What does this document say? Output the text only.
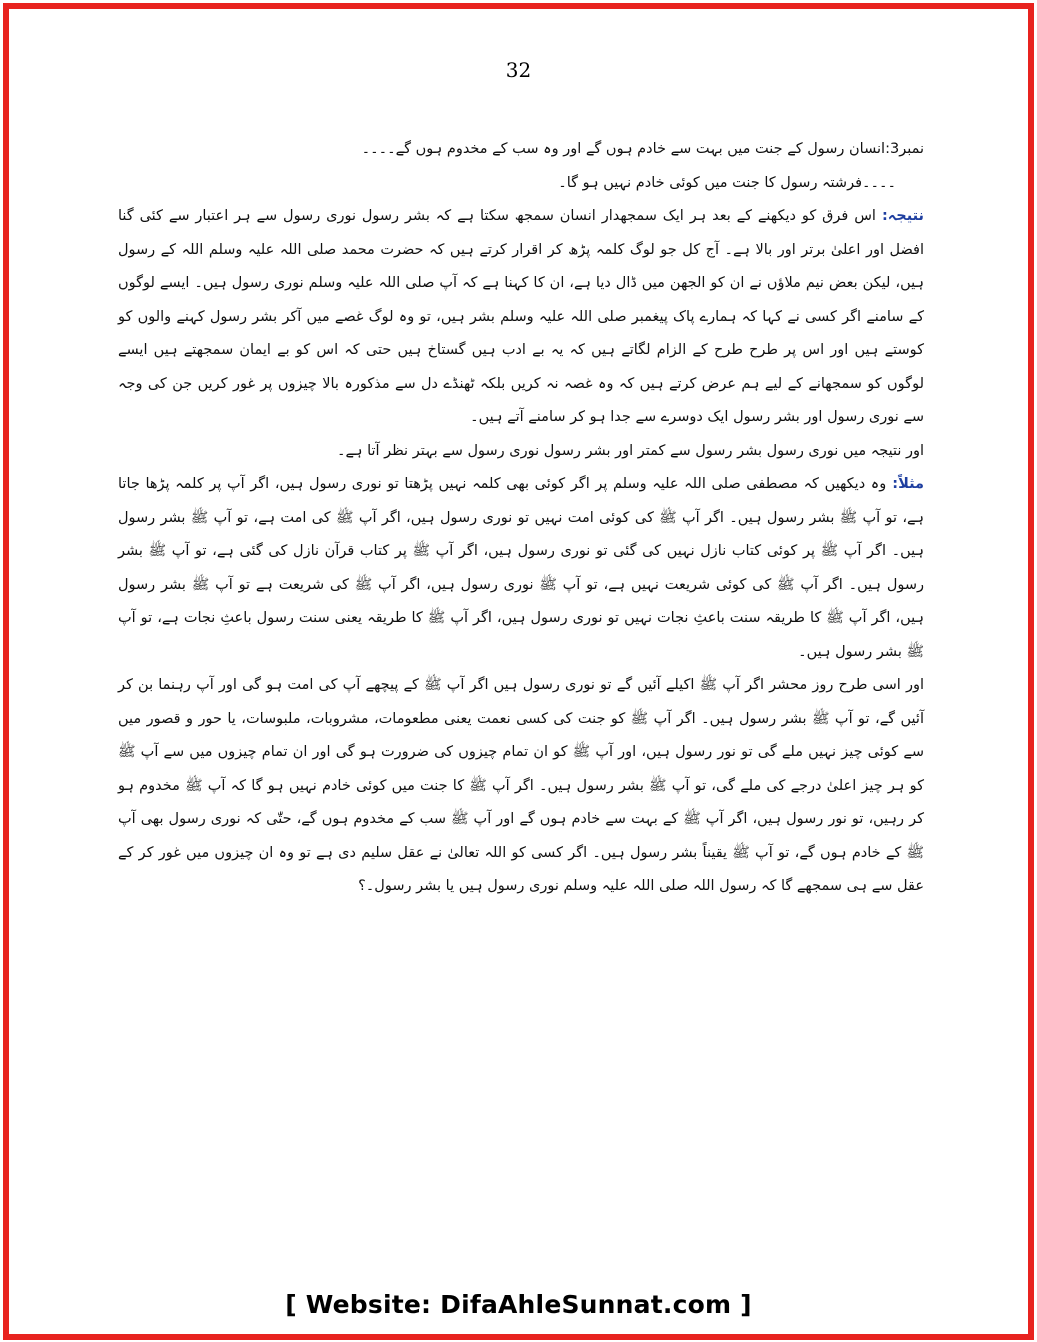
32

نمبر3:انسان رسول کے جنت میں بہت سے خادم ہوں گے اور وہ سب کے مخدوم ہوں گے۔۔۔۔

۔۔۔۔فرشتہ رسول کا جنت میں کوئی خادم نہیں ہو گا۔

نتیجہ:اس فرق کو دیکھنے کے بعد ہر ایک سمجھدار انسان سمجھ سکتا ہے کہ بشر رسول نوری رسول سے ہر اعتبار سے کئی گنا افضل اور اعلیٰ برتر اور بالا ہے۔ آج کل جو لوگ کلمہ پڑھ کر اقرار کرتے ہیں کہ حضرت محمد صلی اللہ علیہ وسلم اللہ کے رسول ہیں، لیکن بعض نیم ملاؤں نے ان کو الجھن میں ڈال دیا ہے، ان کا کہنا ہے کہ آپ صلی اللہ علیہ وسلم نوری رسول ہیں۔ ایسے لوگوں کے سامنے اگر کسی نے کہا کہ ہمارے پاک پیغمبر صلی اللہ علیہ وسلم بشر ہیں، تو وہ لوگ غصے میں آکر بشر رسول کہنے والوں کو کوستے ہیں اور اس پر طرح طرح کے الزام لگاتے ہیں کہ یہ بے ادب ہیں گستاخ ہیں حتی کہ اس کو بے ایمان سمجھتے ہیں ایسے لوگوں کو سمجھانے کے لیے ہم عرض کرتے ہیں کہ وہ غصہ نہ کریں بلکہ ٹھنڈے دل سے مذکورہ بالا چیزوں پر غور کریں جن کی وجہ سے نوری رسول اور بشر رسول ایک دوسرے سے جدا ہو کر سامنے آتے ہیں۔

اور نتیجہ میں نوری رسول بشر رسول سے کمتر اور بشر رسول نوری رسول سے بہتر نظر آتا ہے۔

مثلاً:وہ دیکھیں کہ مصطفی صلی اللہ علیہ وسلم پر اگر کوئی بھی کلمہ نہیں پڑھتا تو نوری رسول ہیں، اگر آپ پر کلمہ پڑھا جاتا ہے، تو آپ ﷺ بشر رسول ہیں۔ اگر آپ ﷺ کی کوئی امت نہیں تو نوری رسول ہیں، اگر آپ ﷺ کی امت ہے، تو آپ ﷺ بشر رسول ہیں۔ اگر آپ ﷺ پر کوئی کتاب نازل نہیں کی گئی تو نوری رسول ہیں، اگر آپ ﷺ پر کتاب قرآن نازل کی گئی ہے، تو آپ ﷺ بشر رسول ہیں۔ اگر آپ ﷺ کی کوئی شریعت نہیں ہے، تو آپ ﷺ نوری رسول ہیں، اگر آپ ﷺ کی شریعت ہے تو آپ ﷺ بشر رسول ہیں، اگر آپ ﷺ کا طریقہ سنت باعثِ نجات نہیں تو نوری رسول ہیں، اگر آپ ﷺ کا طریقہ یعنی سنت رسول باعثِ نجات ہے، تو آپ ﷺ بشر رسول ہیں۔

اور اسی طرح روز محشر اگر آپ ﷺ اکیلے آئیں گے تو نوری رسول ہیں اگر آپ ﷺ کے پیچھے آپ کی امت ہو گی اور آپ رہنما بن کر آئیں گے، تو آپ ﷺ بشر رسول ہیں۔ اگر آپ ﷺ کو جنت کی کسی نعمت یعنی مطعومات، مشروبات، ملبوسات، یا حور و قصور میں سے کوئی چیز نہیں ملے گی تو نور رسول ہیں، اور آپ ﷺ کو ان تمام چیزوں کی ضرورت ہو گی اور ان تمام چیزوں میں سے آپ ﷺ کو ہر چیز اعلیٰ درجے کی ملے گی، تو آپ ﷺ بشر رسول ہیں۔ اگر آپ ﷺ کا جنت میں کوئی خادم نہیں ہو گا کہ آپ ﷺ مخدوم ہو کر رہیں، تو نور رسول ہیں، اگر آپ ﷺ کے بہت سے خادم ہوں گے اور آپ ﷺ سب کے مخدوم ہوں گے، حتّٰی کہ نوری رسول بھی آپ ﷺ کے خادم ہوں گے، تو آپ ﷺ یقیناً بشر رسول ہیں۔ اگر کسی کو اللہ تعالیٰ نے عقل سلیم دی ہے تو وہ ان چیزوں میں غور کر کے عقل سے ہی سمجھے گا کہ رسول اللہ صلی اللہ علیہ وسلم نوری رسول ہیں یا بشر رسول۔؟

[ Website: DifaAhleSunnat.com ]
